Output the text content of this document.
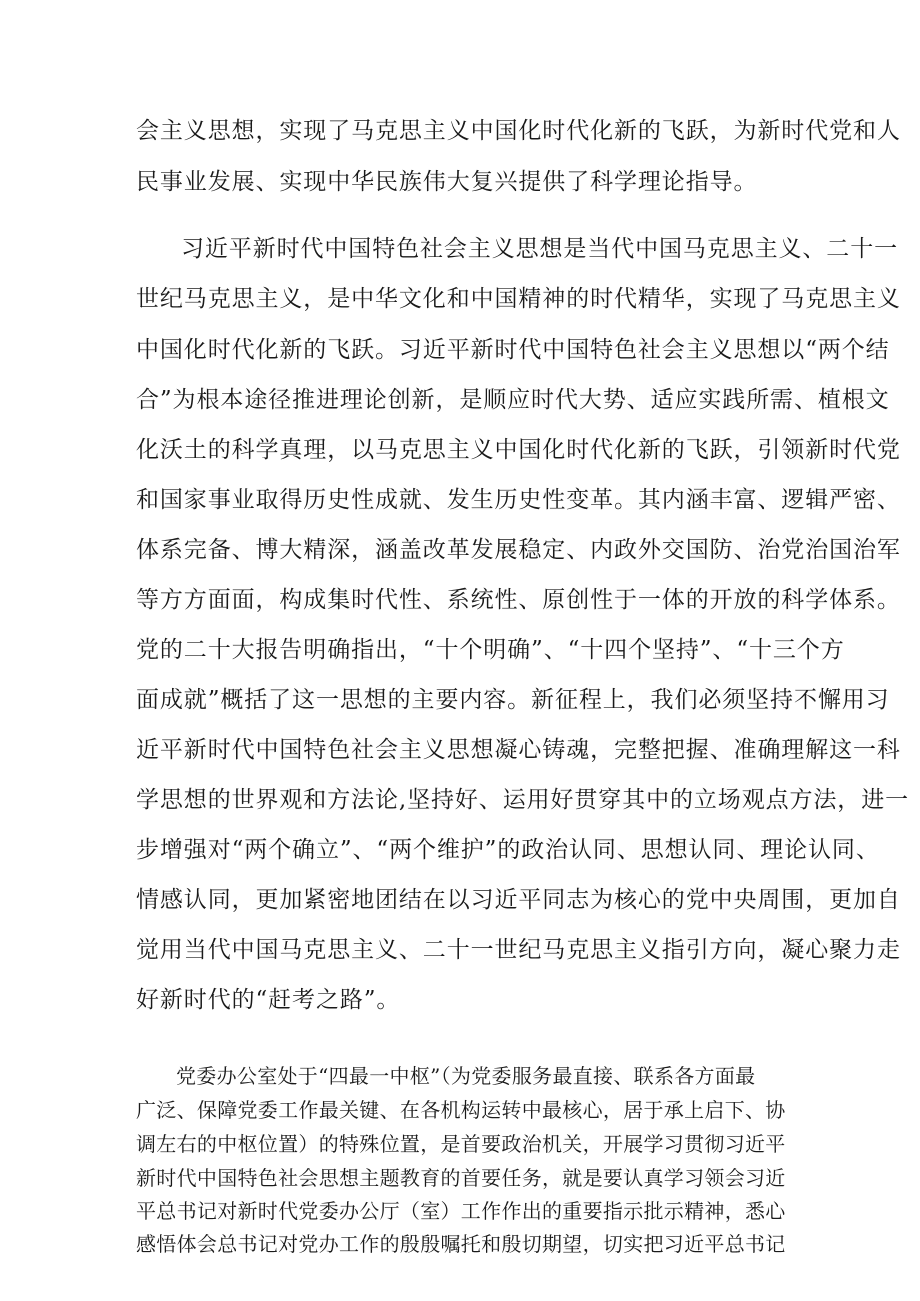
会主义思想，实现了马克思主义中国化时代化新的飞跃，为新时代党和人
民事业发展、实现中华民族伟大复兴提供了科学理论指导。
习近平新时代中国特色社会主义思想是当代中国马克思主义、二十一
世纪马克思主义，是中华文化和中国精神的时代精华，实现了马克思主义
中国化时代化新的飞跃。习近平新时代中国特色社会主义思想以“两个结
合”为根本途径推进理论创新，是顺应时代大势、适应实践所需、植根文
化沃土的科学真理，以马克思主义中国化时代化新的飞跃，引领新时代党
和国家事业取得历史性成就、发生历史性变革。其内涵丰富、逻辑严密、
体系完备、博大精深，涵盖改革发展稳定、内政外交国防、治党治国治军
等方方面面，构成集时代性、系统性、原创性于一体的开放的科学体系。
党的二十大报告明确指出，“十个明确”、“十四个坚持”、“十三个方
面成就”概括了这一思想的主要内容。新征程上，我们必须坚持不懈用习
近平新时代中国特色社会主义思想凝心铸魂，完整把握、准确理解这一科
学思想的世界观和方法论,坚持好、运用好贯穿其中的立场观点方法，进一
步增强对“两个确立”、“两个维护”的政治认同、思想认同、理论认同、
情感认同，更加紧密地团结在以习近平同志为核心的党中央周围，更加自
觉用当代中国马克思主义、二十一世纪马克思主义指引方向，凝心聚力走
好新时代的“赶考之路”。
党委办公室处于“四最一中枢”（为党委服务最直接、联系各方面最
广泛、保障党委工作最关键、在各机构运转中最核心，居于承上启下、协
调左右的中枢位置）的特殊位置，是首要政治机关，开展学习贯彻习近平
新时代中国特色社会思想主题教育的首要任务，就是要认真学习领会习近
平总书记对新时代党委办公厅（室）工作作出的重要指示批示精神，悉心
感悟体会总书记对党办工作的殷殷嘱托和殷切期望，切实把习近平总书记
